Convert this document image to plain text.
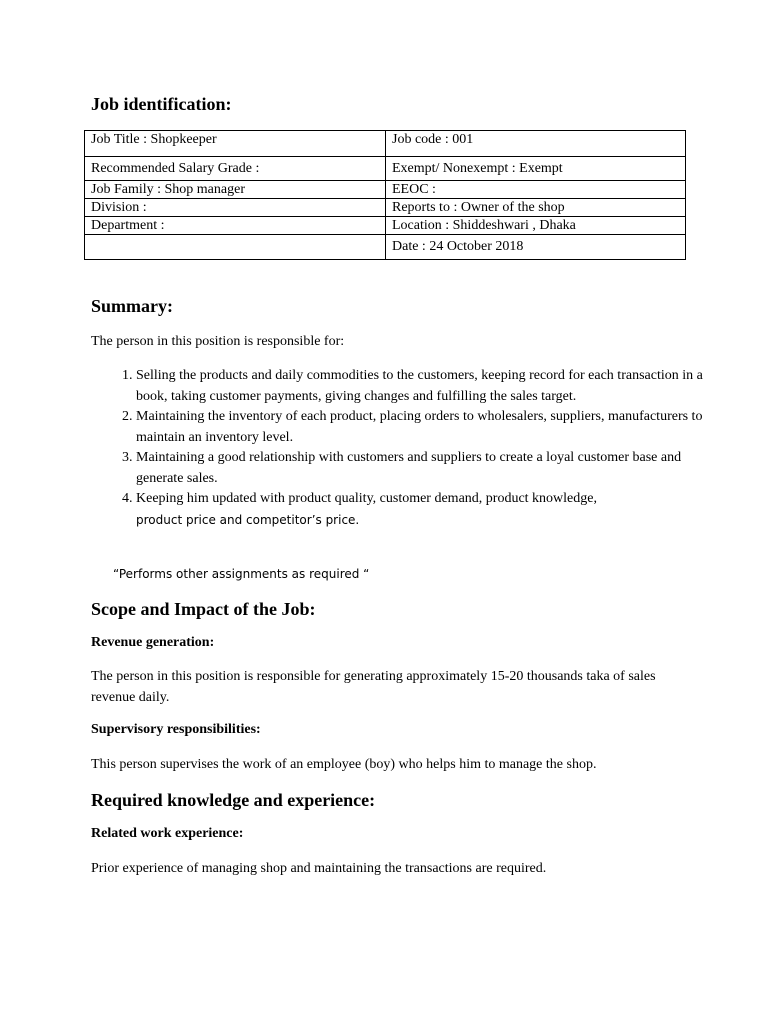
Job identification:
Job Title : Shopkeeper	Job code : 001
Recommended Salary Grade :	Exempt/ Nonexempt : Exempt
Job Family : Shop manager	EEOC :
Division :	Reports to : Owner of the shop
Department :	Location : Shiddeshwari , Dhaka
	Date : 24 October 2018
Summary:

The person in this position is responsible for:

1. Selling the products and daily commodities to the customers, keeping record for each transaction in a book, taking customer payments, giving changes and fulfilling the sales target.
2. Maintaining the inventory of each product, placing orders to wholesalers, suppliers, manufacturers to maintain an inventory level.
3. Maintaining a good relationship with customers and suppliers to create a loyal customer base and generate sales.
4. Keeping him updated with product quality, customer demand, product knowledge,
product price and competitor’s price.

“Performs other assignments as required “

Scope and Impact of the Job:
Revenue generation:

The person in this position is responsible for generating approximately 15-20 thousands taka of sales revenue daily.

Supervisory responsibilities:

This person supervises the work of an employee (boy) who helps him to manage the shop.

Required knowledge and experience:
Related work experience:

Prior experience of managing shop and maintaining the transactions are required.
